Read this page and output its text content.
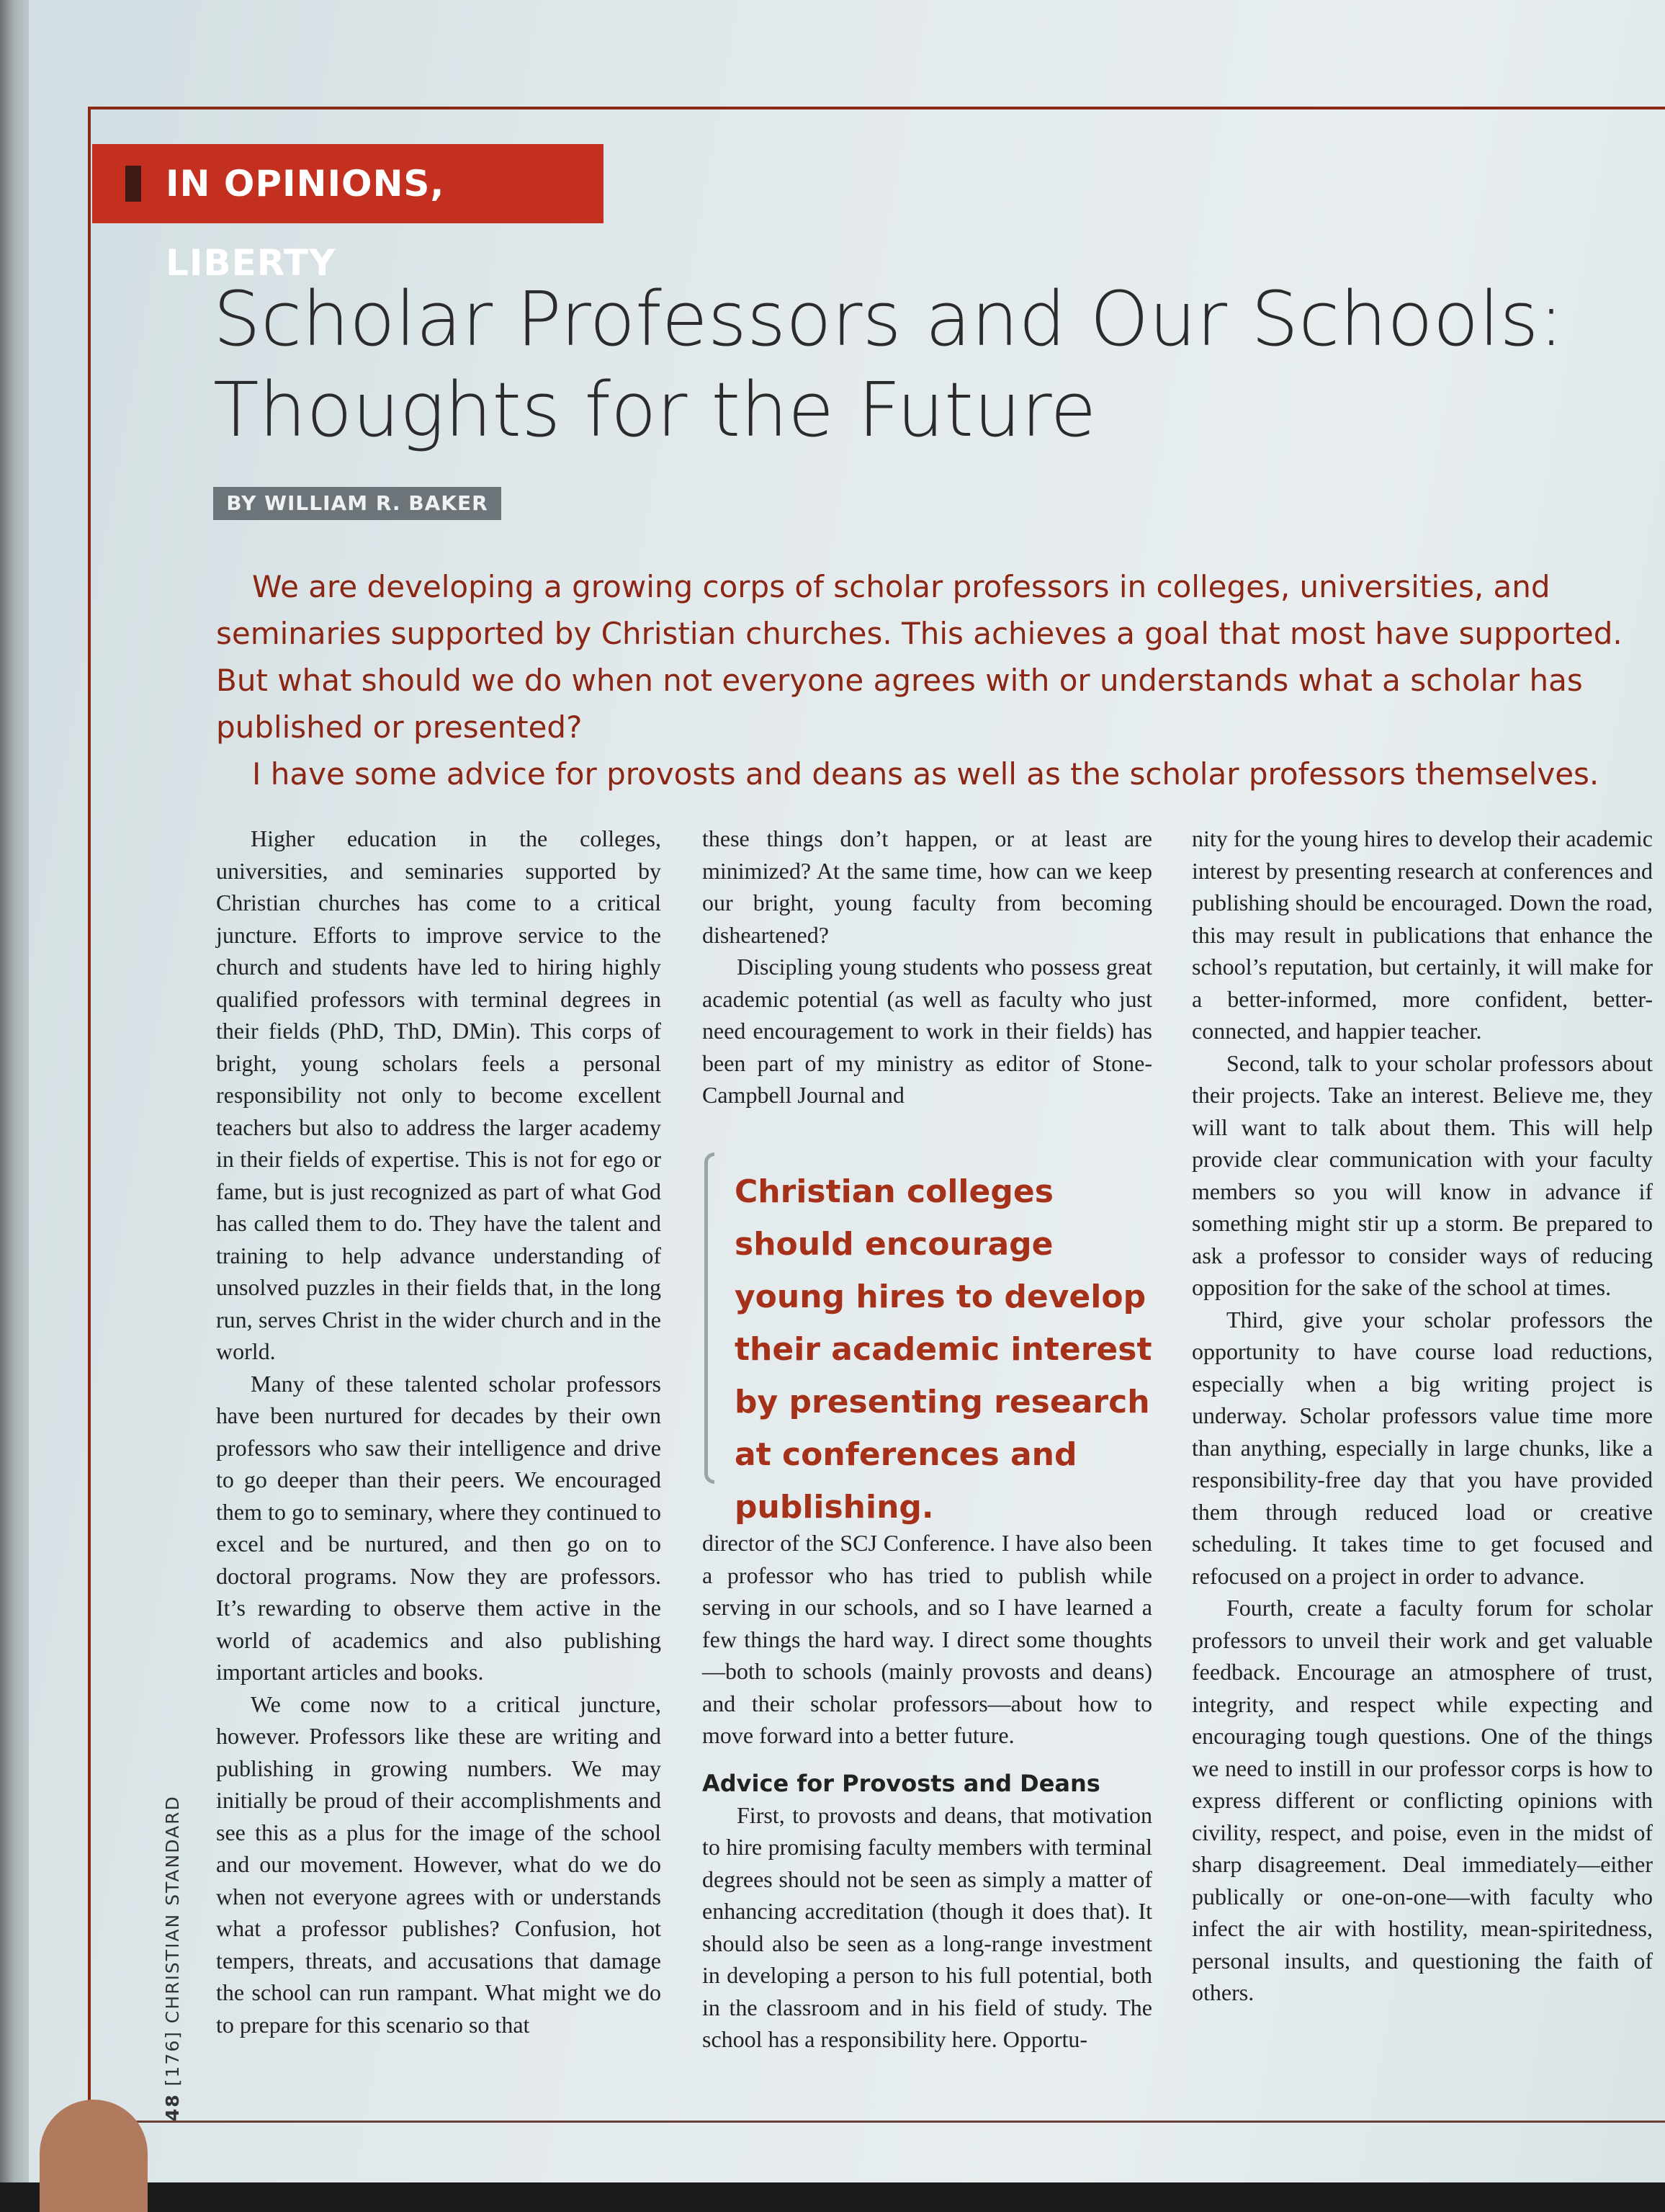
IN OPINIONS, LIBERTY
Scholar Professors and Our Schools: Thoughts for the Future
BY WILLIAM R. BAKER

We are developing a growing corps of scholar professors in colleges, universities, and seminaries supported by Christian churches. This achieves a goal that most have supported. But what should we do when not everyone agrees with or understands what a scholar has published or presented?

I have some advice for provosts and deans as well as the scholar professors themselves.

Higher education in the colleges, universities, and seminaries supported by Christian churches has come to a critical juncture. Efforts to improve service to the church and students have led to hiring highly qualified professors with terminal degrees in their fields (PhD, ThD, DMin). This corps of bright, young scholars feels a personal responsibility not only to become excellent teachers but also to address the larger academy in their fields of expertise. This is not for ego or fame, but is just recognized as part of what God has called them to do. They have the talent and training to help advance understanding of unsolved puzzles in their fields that, in the long run, serves Christ in the wider church and in the world.

Many of these talented scholar professors have been nurtured for decades by their own professors who saw their intelligence and drive to go deeper than their peers. We encouraged them to go to seminary, where they continued to excel and be nurtured, and then go on to doctoral programs. Now they are professors. It’s rewarding to observe them active in the world of academics and also publishing important articles and books.

We come now to a critical juncture, however. Professors like these are writing and publishing in growing numbers. We may initially be proud of their accomplishments and see this as a plus for the image of the school and our movement. However, what do we do when not everyone agrees with or understands what a professor publishes? Confusion, hot tempers, threats, and accusations that damage the school can run rampant. What might we do to prepare for this scenario so that

these things don’t happen, or at least are minimized? At the same time, how can we keep our bright, young faculty from becoming disheartened?

Discipling young students who possess great academic potential (as well as faculty who just need encouragement to work in their fields) has been part of my ministry as editor of Stone-Campbell Journal and

Christian colleges should encourage young hires to develop their academic interest by presenting research at conferences and publishing.

director of the SCJ Conference. I have also been a professor who has tried to publish while serving in our schools, and so I have learned a few things the hard way. I direct some thoughts—both to schools (mainly provosts and deans) and their scholar professors—about how to move forward into a better future.

Advice for Provosts and Deans

First, to provosts and deans, that motivation to hire promising faculty members with terminal degrees should not be seen as simply a matter of enhancing accreditation (though it does that). It should also be seen as a long-range investment in developing a person to his full potential, both in the classroom and in his field of study. The school has a responsibility here. Opportu-

nity for the young hires to develop their academic interest by presenting research at conferences and publishing should be encouraged. Down the road, this may result in publications that enhance the school’s reputation, but certainly, it will make for a better-informed, more confident, better-connected, and happier teacher.

Second, talk to your scholar professors about their projects. Take an interest. Believe me, they will want to talk about them. This will help provide clear communication with your faculty members so you will know in advance if something might stir up a storm. Be prepared to ask a professor to consider ways of reducing opposition for the sake of the school at times.

Third, give your scholar professors the opportunity to have course load reductions, especially when a big writing project is underway. Scholar professors value time more than anything, especially in large chunks, like a responsibility-free day that you have provided them through reduced load or creative scheduling. It takes time to get focused and refocused on a project in order to advance.

Fourth, create a faculty forum for scholar professors to unveil their work and get valuable feedback. Encourage an atmosphere of trust, integrity, and respect while expecting and encouraging tough questions. One of the things we need to instill in our professor corps is how to express different or conflicting opinions with civility, respect, and poise, even in the midst of sharp disagreement. Deal immediately—either publically or one-on-one—with faculty who infect the air with hostility, mean-spiritedness, personal insults, and questioning the faith of others.

48 [176] CHRISTIAN STANDARD
